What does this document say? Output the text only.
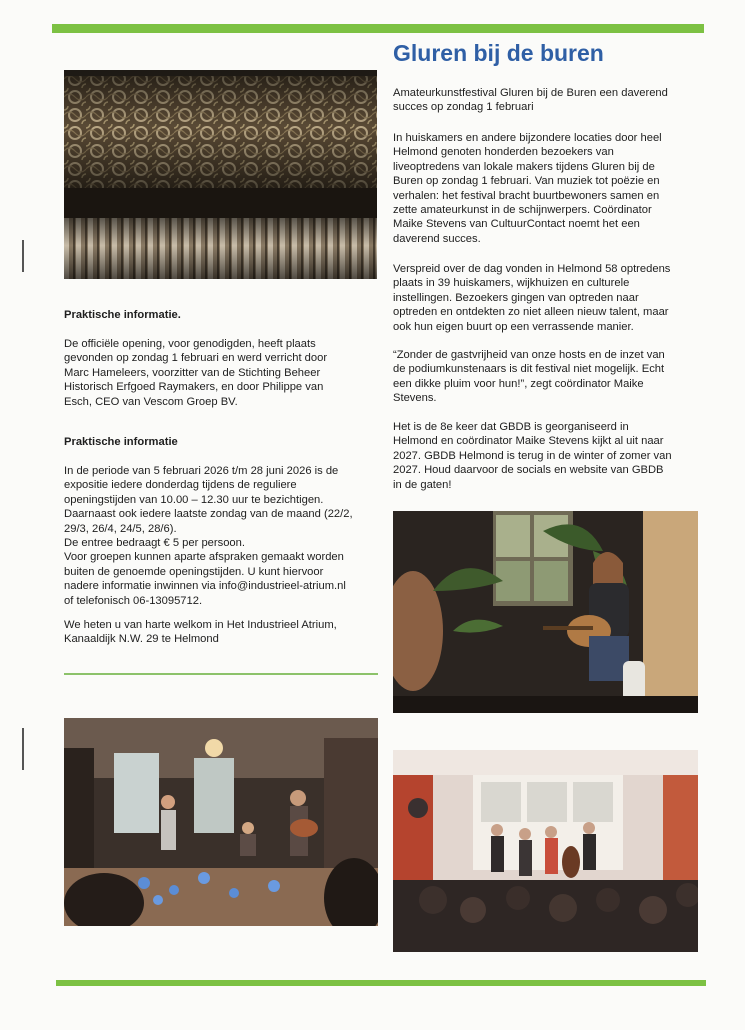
Gluren bij de buren

Amateurkunstfestival Gluren bij de Buren een daverend
succes op zondag 1 februari

In huiskamers en andere bijzondere locaties door heel
Helmond genoten honderden bezoekers van
liveoptredens van lokale makers tijdens Gluren bij de
Buren op zondag 1 februari. Van muziek tot poëzie en
verhalen: het festival bracht buurtbewoners samen en
zette amateurkunst in de schijnwerpers. Coördinator
Maike Stevens van CultuurContact noemt het een
daverend succes.

Verspreid over de dag vonden in Helmond 58 optredens
plaats in 39 huiskamers, wijkhuizen en culturele
instellingen. Bezoekers gingen van optreden naar
optreden en ontdekten zo niet alleen nieuw talent, maar
ook hun eigen buurt op een verrassende manier.

“Zonder de gastvrijheid van onze hosts en de inzet van
de podiumkunstenaars is dit festival niet mogelijk. Echt
een dikke pluim voor hun!”, zegt coördinator Maike
Stevens.

Het is de 8e keer dat GBDB is georganiseerd in
Helmond en coördinator Maike Stevens kijkt al uit naar
2027. GBDB Helmond is terug in de winter of zomer van
2027. Houd daarvoor de socials en website van GBDB
in de gaten!

Praktische informatie.

De officiële opening, voor genodigden, heeft plaats
gevonden op zondag 1 februari en werd verricht door
Marc Hameleers, voorzitter van de Stichting Beheer
Historisch Erfgoed Raymakers, en door Philippe van
Esch, CEO van Vescom Groep BV.

Praktische informatie

In de periode van 5 februari 2026 t/m 28 juni 2026 is de
expositie iedere donderdag tijdens de reguliere
openingstijden van 10.00 – 12.30 uur te bezichtigen.
Daarnaast ook iedere laatste zondag van de maand (22/2,
29/3, 26/4, 24/5, 28/6).
De entree bedraagt € 5 per persoon.
Voor groepen kunnen aparte afspraken gemaakt worden
buiten de genoemde openingstijden. U kunt hiervoor
nadere informatie inwinnen via info@industrieel-atrium.nl
of telefonisch 06-13095712.

We heten u van harte welkom in Het Industrieel Atrium,
Kanaaldijk N.W. 29 te Helmond
